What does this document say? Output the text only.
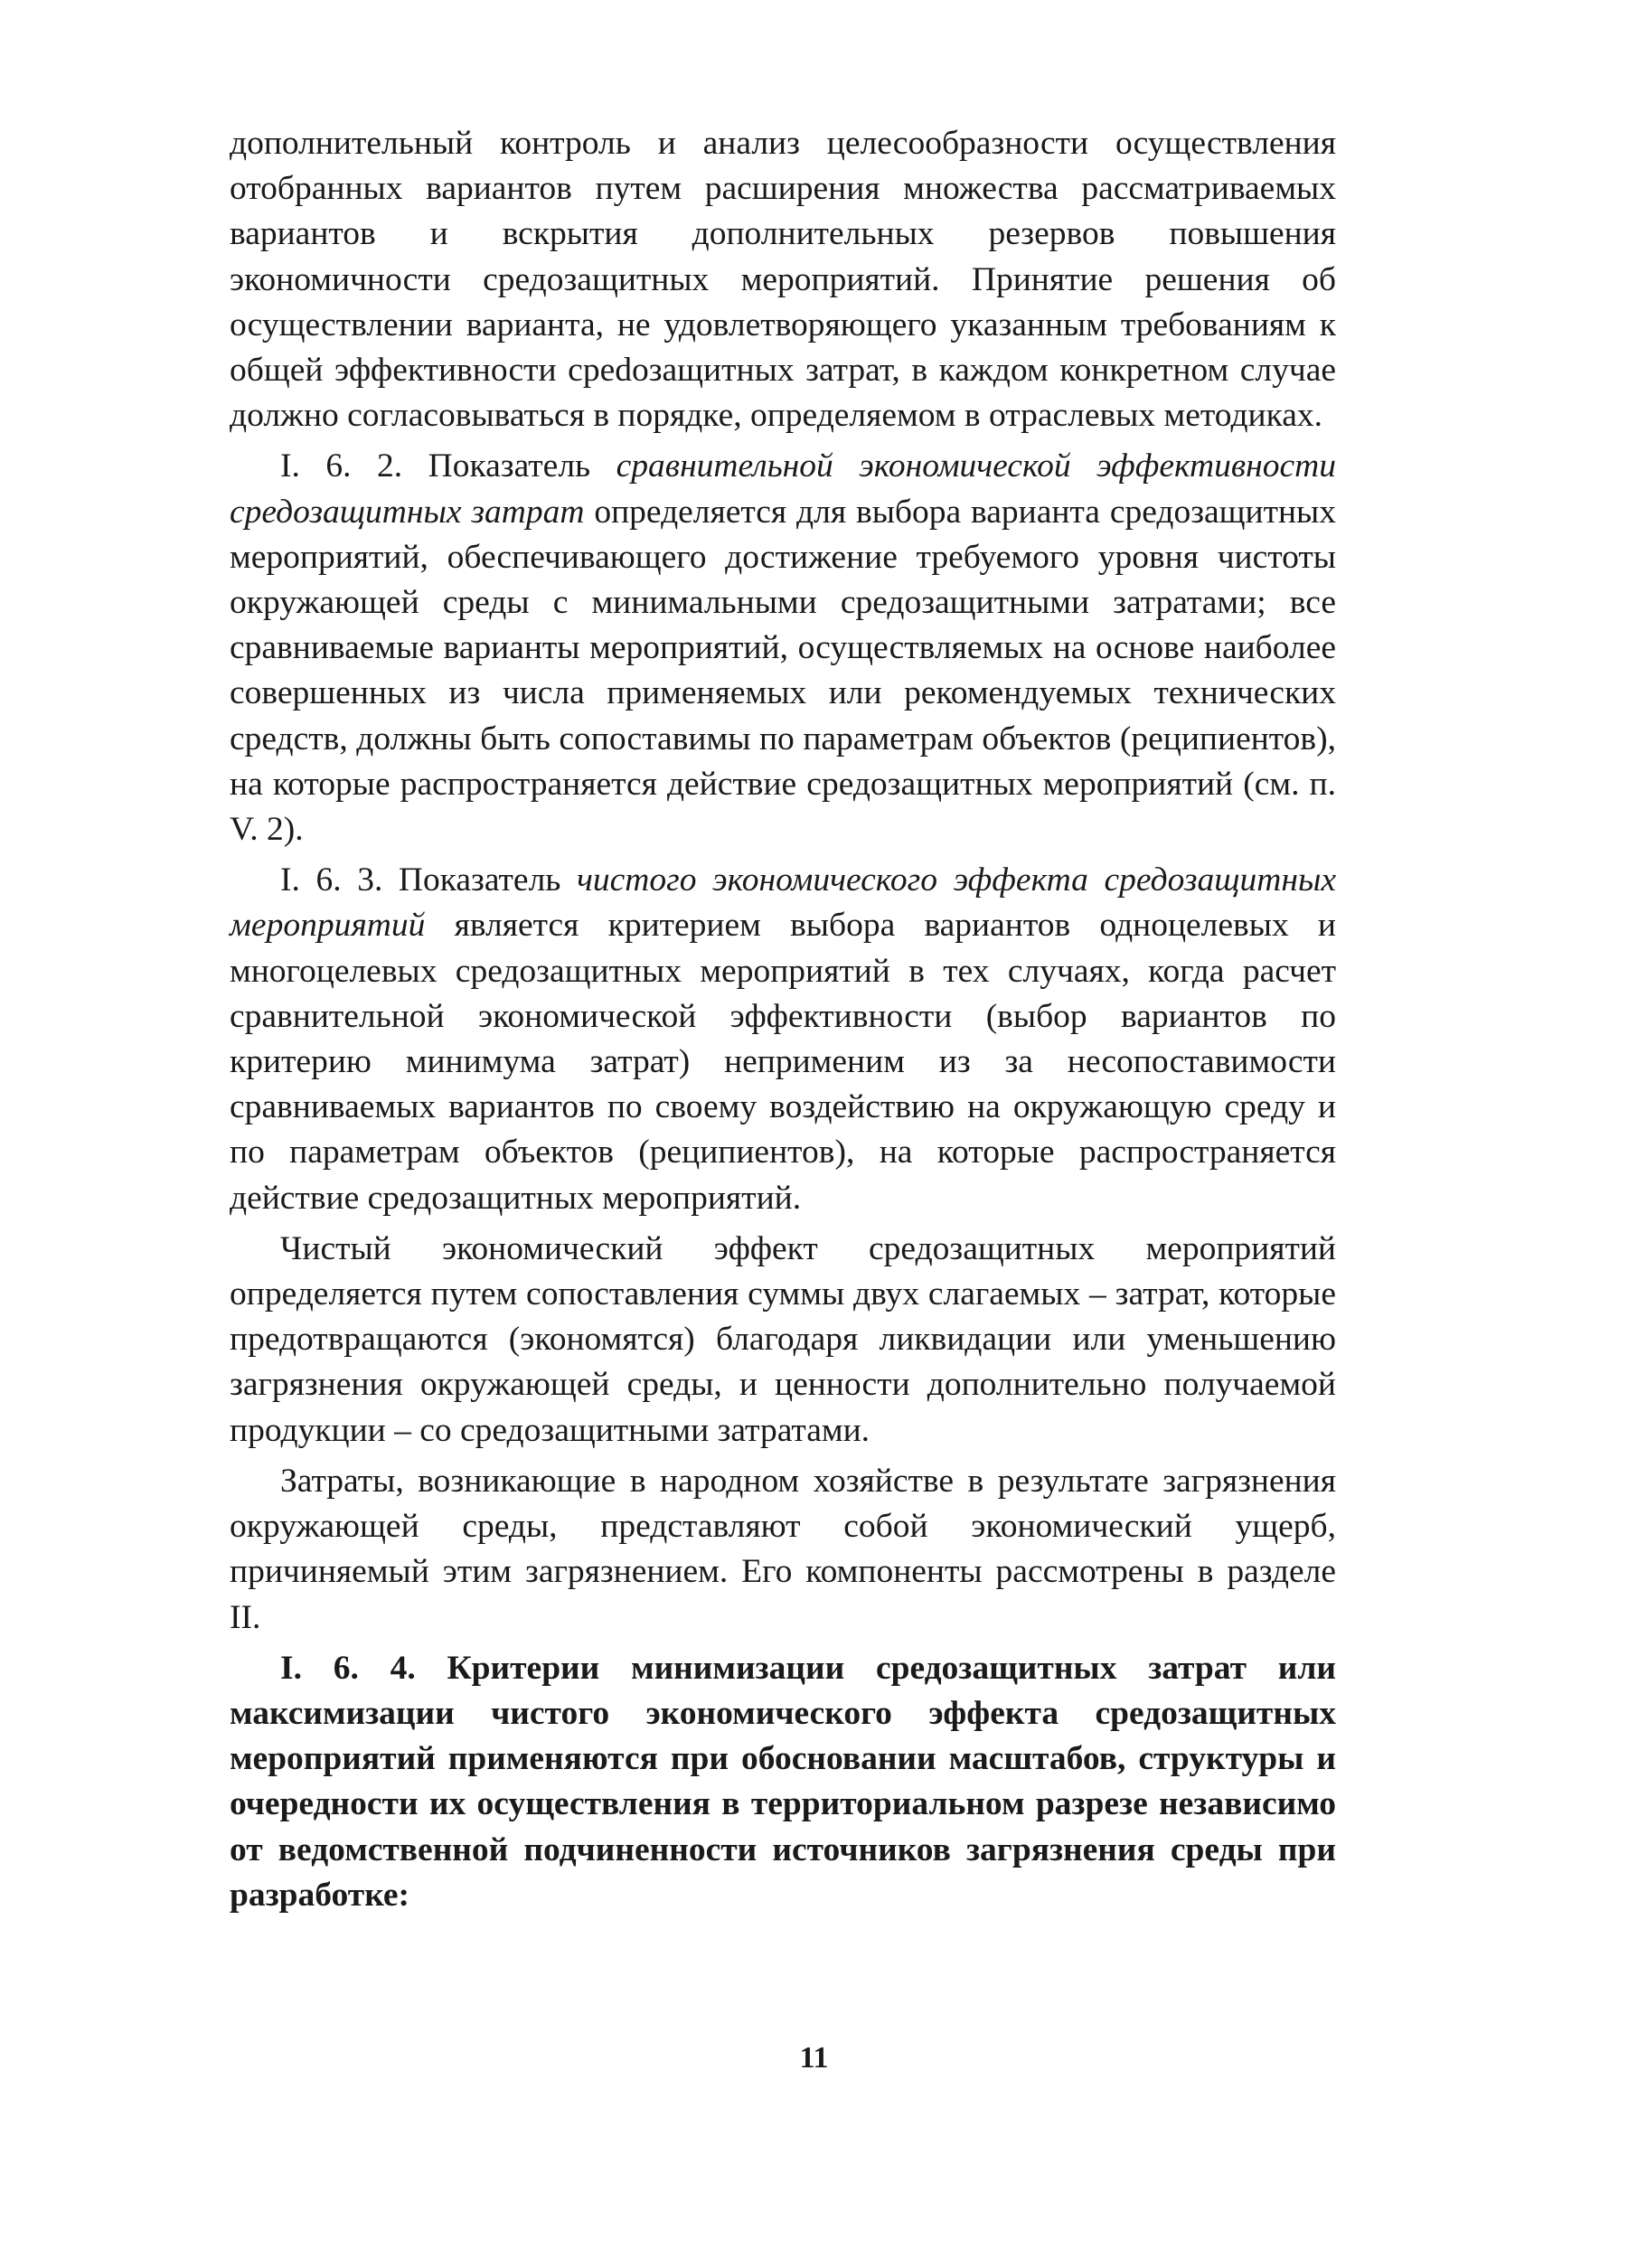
дополнительный контроль и анализ целесообразности осуществления отобранных вариантов путем расширения множества рассматриваемых вариантов и вскрытия дополнительных резервов повышения экономичности средозащитных мероприятий. Принятие решения об осуществлении варианта, не удовлетворяющего указанным требованиям к общей эффективности среdозащитных затрат, в каждом конкретном случае должно согласовываться в порядке, определяемом в отраслевых методиках.

I. 6. 2. Показатель сравнительной экономической эффективности средозащитных затрат определяется для выбора варианта средозащитных мероприятий, обеспечивающего достижение требуемого уровня чистоты окружающей среды с минимальными средозащитными затратами; все сравниваемые варианты мероприятий, осуществляемых на основе наиболее совершенных из числа применяемых или рекомендуемых технических средств, должны быть сопоставимы по параметрам объектов (реципиентов), на которые распространяется действие средозащитных мероприятий (см. п. V. 2).

I. 6. 3. Показатель чистого экономического эффекта средозащитных мероприятий является критерием выбора вариантов одноцелевых и многоцелевых средозащитных мероприятий в тех случаях, когда расчет сравнительной экономической эффективности (выбор вариантов по критерию минимума затрат) неприменим из за несопоставимости сравниваемых вариантов по своему воздействию на окружающую среду и по параметрам объектов (реципиентов), на которые распространяется действие средозащитных мероприятий.

Чистый экономический эффект средозащитных мероприятий определяется путем сопоставления суммы двух слагаемых – затрат, которые предотвращаются (экономятся) благодаря ликвидации или уменьшению загрязнения окружающей среды, и ценности дополнительно получаемой продукции – со средозащитными затратами.

Затраты, возникающие в народном хозяйстве в результате загрязнения окружающей среды, представляют собой экономический ущерб, причиняемый этим загрязнением. Его компоненты рассмотрены в разделе II.

I. 6. 4. Критерии минимизации средозащитных затрат или максимизации чистого экономического эффекта средозащитных мероприятий применяются при обосновании масштабов, структуры и очередности их осуществления в территориальном разрезе независимо от ведомственной подчиненности источников загрязнения среды при разработке:

11
